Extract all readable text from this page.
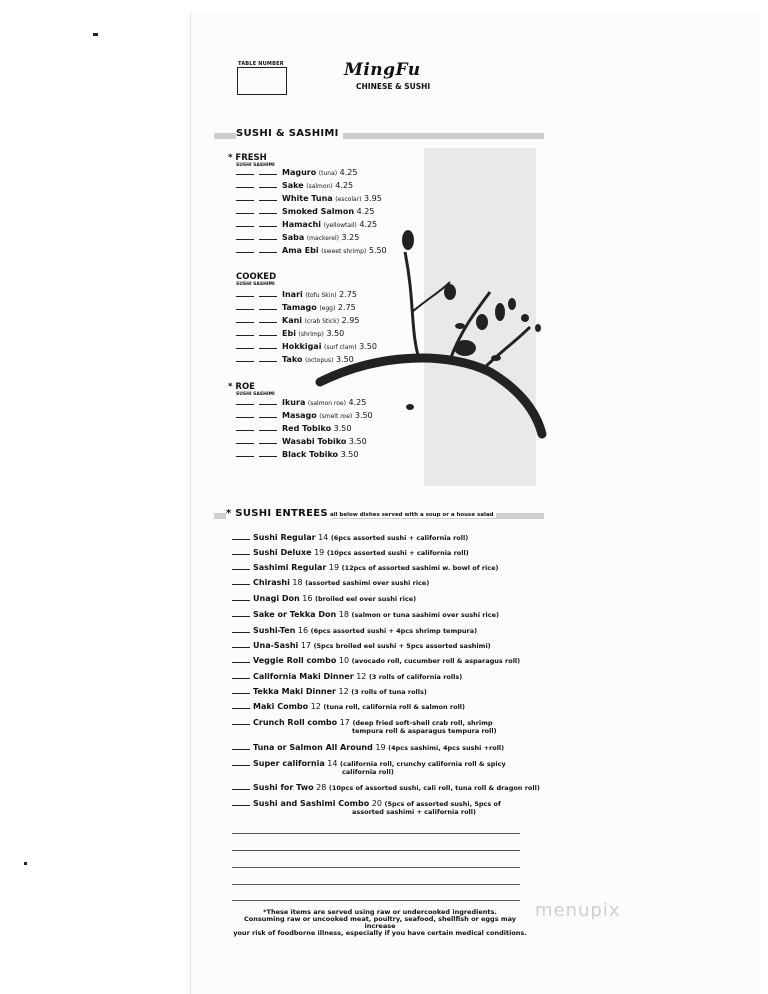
TABLE NUMBER	MingFu
CHINESE & SUSHI
SUSHI & SASHIMI
* FRESH
SUSHI SASHIMI
Maguro (tuna) 4.25
Sake (salmon) 4.25
White Tuna (escolar) 3.95
Smoked Salmon 4.25
Hamachi (yellowtail) 4.25
Saba (mackerel) 3.25
Ama Ebi (sweet shrimp) 5.50
COOKED
SUSHI SASHIMI
Inari (tofu Skin) 2.75
Tamago (egg) 2.75
Kani (crab Stick) 2.95
Ebi (shrimp) 3.50
Hokkigai (surf clam) 3.50
Tako (octopus) 3.50
* ROE
SUSHI SASHIMI
Ikura (salmon roe) 4.25
Masago (smelt roe) 3.50
Red Tobiko 3.50
Wasabi Tobiko 3.50
Black Tobiko 3.50
* SUSHI ENTREES all below dishes served with a soup or a house salad
Sushi Regular 14 (6pcs assorted sushi + california roll)
Sushi Deluxe 19 (10pcs assorted sushi + california roll)
Sashimi Regular 19 (12pcs of assorted sashimi w. bowl of rice)
Chirashi 18 (assorted sashimi over sushi rice)
Unagi Don 16 (broiled eel over sushi rice)
Sake or Tekka Don 18 (salmon or tuna sashimi over sushi rice)
Sushi-Ten 16 (6pcs assorted sushi + 4pcs shrimp tempura)
Una-Sashi 17 (5pcs broiled eel sushi + 5pcs assorted sashimi)
Veggie Roll combo 10 (avocado roll, cucumber roll & asparagus roll)
California Maki Dinner 12 (3 rolls of california rolls)
Tekka Maki Dinner 12 (3 rolls of tuna rolls)
Maki Combo 12 (tuna roll, california roll & salmon roll)
Crunch Roll combo 17 (deep fried soft-shell crab roll, shrimp
tempura roll & asparagus tempura roll)
Tuna or Salmon All Around 19 (4pcs sashimi, 4pcs sushi +roll)
Super california 14 (california roll, crunchy california roll & spicy
california roll)
Sushi for Two 28 (10pcs of assorted sushi, cali roll, tuna roll & dragon roll)
Sushi and Sashimi Combo 20 (5pcs of assorted sushi, 5pcs of
assorted sashimi + california roll)
*These items are served using raw or undercooked ingredients.
Consuming raw or uncooked meat, poultry, seafood, shellfish or eggs may increase
your risk of foodborne illness, especially if you have certain medical conditions.
menupix
